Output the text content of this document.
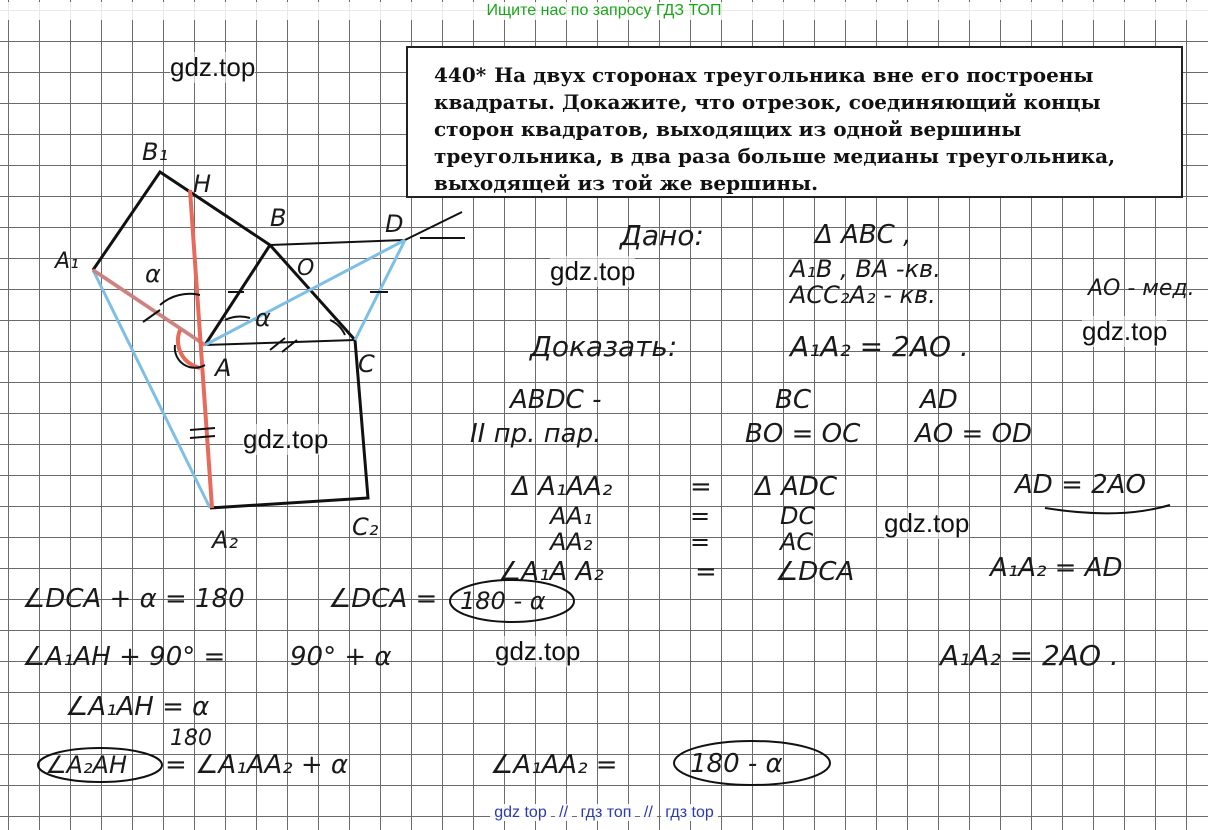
Ищите нас по запросу ГДЗ ТОП
gdz top // гдз топ // гдз top
440* На двух сторонах треугольника вне его построены квадраты. Докажите, что отрезок, соединяющий концы сторон квадратов, выходящих из одной вершины треугольника, в два раза больше медианы треугольника, выходящей из той же вершины.
B₁
H
B	D
A₁	α
α
O
A	C
A₂	C₂
Дано:	Δ ABC ,
A₁B , BA -кв.
ACC₂A₂ - кв.	AO - мед.
Доказать:	A₁A₂ = 2AO .
ABDC -	BC	AD
II пр. пар.	BO = OC AO = OD
Δ A₁AA₂	= Δ ADC	AD = 2AO
AA₁	=	DC
AA₂	=	AC
∠A₁A A₂	= ∠DCA	A₁A₂ = AD
∠DCA + α = 180	∠DCA = 180 - α
∠A₁AH + 90° = 90° + α	A₁A₂ = 2AO .
∠A₁AH = α
180
∠A₂AH = ∠A₁AA₂ + α	∠A₁AA₂ =	180 - α
gdz.top
gdz.top
gdz.top
gdz.top
gdz.top
gdz.top
